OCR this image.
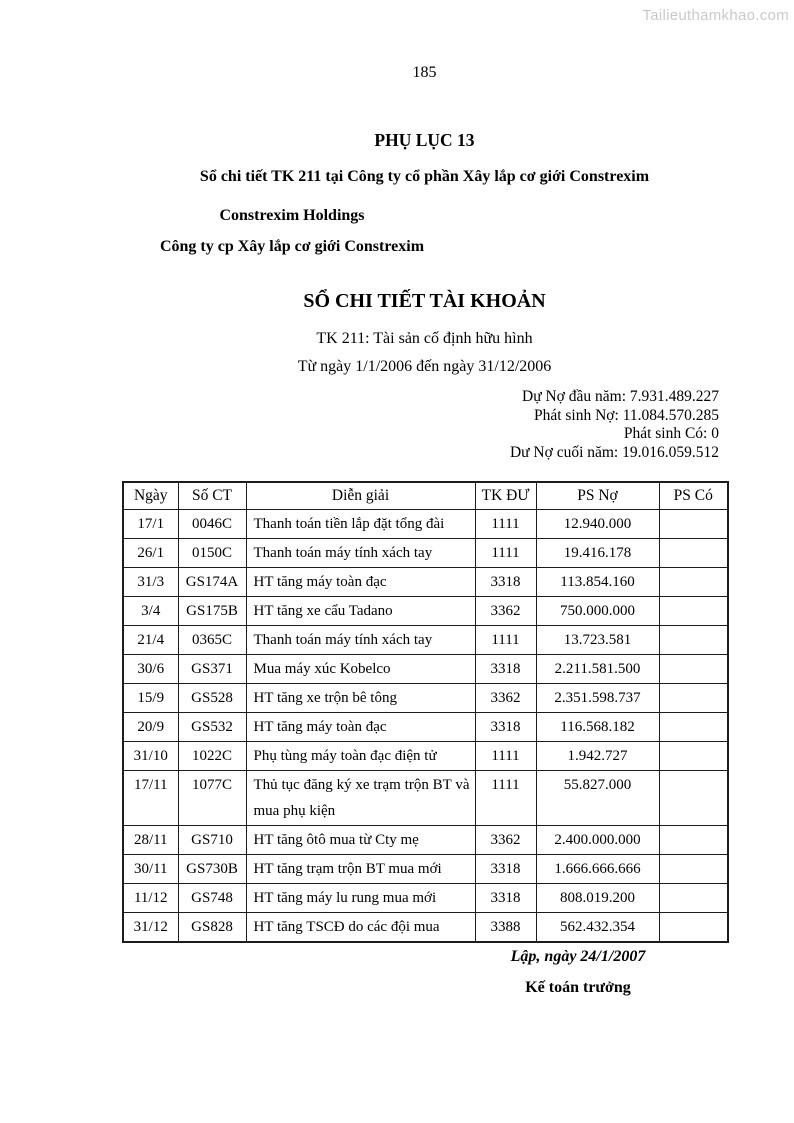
Tailieuthamkhao.com
185
PHỤ LỤC 13
Sổ chi tiết TK 211 tại Công ty cổ phần Xây lắp cơ giới Constrexim
Constrexim Holdings
Công ty cp Xây lắp cơ giới Constrexim
SỔ CHI TIẾT TÀI KHOẢN
TK 211: Tài sản cố định hữu hình
Từ ngày 1/1/2006 đến ngày 31/12/2006
Dự Nợ đầu năm: 7.931.489.227
Phát sinh Nợ: 11.084.570.285
Phát sinh Có: 0
Dư Nợ cuối năm: 19.016.059.512
Ngày	Số CT	Diễn giải	TK ĐƯ	PS Nợ	PS Có
17/1	0046C	Thanh toán tiền lắp đặt tổng đài	1111	12.940.000	
26/1	0150C	Thanh toán máy tính xách tay	1111	19.416.178	
31/3	GS174A	HT tăng máy toàn đạc	3318	113.854.160	
3/4	GS175B	HT tăng xe cẩu Tadano	3362	750.000.000	
21/4	0365C	Thanh toán máy tính xách tay	1111	13.723.581	
30/6	GS371	Mua máy xúc Kobelco	3318	2.211.581.500	
15/9	GS528	HT tăng xe trộn bê tông	3362	2.351.598.737	
20/9	GS532	HT tăng máy toàn đạc	3318	116.568.182	
31/10	1022C	Phụ tùng máy toàn đạc điện tử	1111	1.942.727	
17/11	1077C	Thủ tục đăng ký xe trạm trộn BT và mua phụ kiện	1111	55.827.000	
28/11	GS710	HT tăng ôtô mua từ Cty mẹ	3362	2.400.000.000	
30/11	GS730B	HT tăng trạm trộn BT mua mới	3318	1.666.666.666	
11/12	GS748	HT tăng máy lu rung mua mới	3318	808.019.200	
31/12	GS828	HT tăng TSCĐ do các đội mua	3388	562.432.354	
Lập, ngày 24/1/2007
Kế toán trưởng
